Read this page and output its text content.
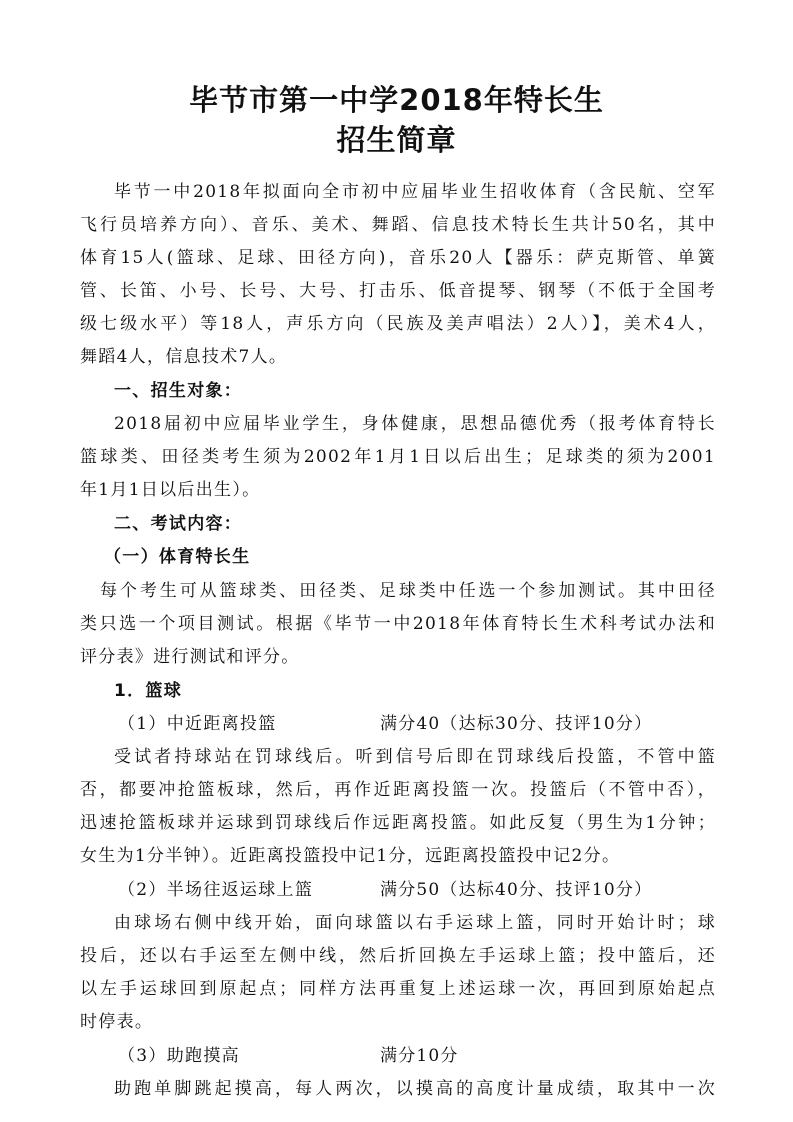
毕节市第一中学2018年特长生
招生简章
毕节一中2018年拟面向全市初中应届毕业生招收体育（含民航、空军
飞行员培养方向）、音乐、美术、舞蹈、信息技术特长生共计50名，其中
体育15人(篮球、足球、田径方向)，音乐20人【器乐：萨克斯管、单簧
管、长笛、小号、长号、大号、打击乐、低音提琴、钢琴（不低于全国考
级七级水平）等18人，声乐方向（民族及美声唱法）2人）】，美术4人，
舞蹈4人，信息技术7人。
一、招生对象：
2018届初中应届毕业学生，身体健康，思想品德优秀（报考体育特长
篮球类、田径类考生须为2002年1月1日以后出生；足球类的须为2001
年1月1日以后出生）。
二、考试内容：
（一）体育特长生
每个考生可从篮球类、田径类、足球类中任选一个参加测试。其中田径
类只选一个项目测试。根据《毕节一中2018年体育特长生术科考试办法和
评分表》进行测试和评分。
1．篮球
（1）中近距离投篮	满分40（达标30分、技评10分）
受试者持球站在罚球线后。听到信号后即在罚球线后投篮，不管中篮
否，都要冲抢篮板球，然后，再作近距离投篮一次。投篮后（不管中否），
迅速抢篮板球并运球到罚球线后作远距离投篮。如此反复（男生为1分钟；
女生为1分半钟）。近距离投篮投中记1分，远距离投篮投中记2分。
（2）半场往返运球上篮	满分50（达标40分、技评10分）
由球场右侧中线开始，面向球篮以右手运球上篮，同时开始计时；球
投后，还以右手运至左侧中线，然后折回换左手运球上篮；投中篮后，还
以左手运球回到原起点；同样方法再重复上述运球一次，再回到原始起点
时停表。
（3）助跑摸高	满分10分
助跑单脚跳起摸高，每人两次，以摸高的高度计量成绩，取其中一次
